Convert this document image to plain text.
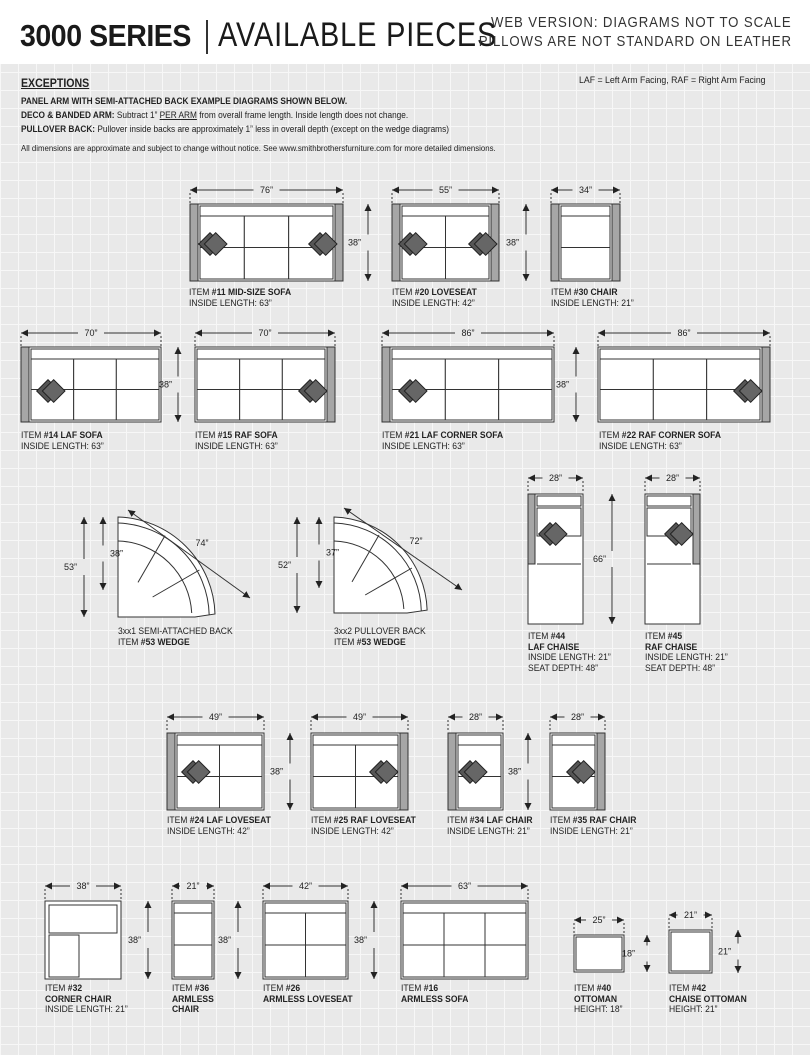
3000 SERIES AVAILABLE PIECES
WEB VERSION: DIAGRAMS NOT TO SCALE
PILLOWS ARE NOT STANDARD ON LEATHER
LAF = Left Arm Facing, RAF = Right Arm Facing
EXCEPTIONS
PANEL ARM WITH SEMI-ATTACHED BACK EXAMPLE DIAGRAMS SHOWN BELOW.
DECO & BANDED ARM: Subtract 1” PER ARM from overall frame length. Inside length does not change.
PULLOVER BACK: Pullover inside backs are approximately 1” less in overall depth (except on the wedge diagrams)
All dimensions are approximate and subject to change without notice. See www.smithbrothersfurniture.com for more detailed dimensions.
76”
38”
55”
38”
34”
70”
38”
70”	86”
38”
86”
53”
38”
74”
52”
37”
72”
28”
66”
28”
49”
38”
49”	28”
38”
28”
38”
38”
21”
38”
42”
38”
63”
25”
18”
21”
21”
ITEM #11 MID-SIZE SOFA
INSIDE LENGTH: 63”
ITEM #20 LOVESEAT
INSIDE LENGTH: 42”
ITEM #30 CHAIR
INSIDE LENGTH: 21”
ITEM #14 LAF SOFA
INSIDE LENGTH: 63”
ITEM #15 RAF SOFA
INSIDE LENGTH: 63”
ITEM #21 LAF CORNER SOFA
INSIDE LENGTH: 63”
ITEM #22 RAF CORNER SOFA
INSIDE LENGTH: 63”
3xx1 SEMI-ATTACHED BACK
ITEM #53 WEDGE
3xx2 PULLOVER BACK
ITEM #53 WEDGE	ITEM #44
LAF CHAISE
INSIDE LENGTH: 21”
SEAT DEPTH: 48”
ITEM #45
RAF CHAISE
INSIDE LENGTH: 21”
SEAT DEPTH: 48”
ITEM #24 LAF LOVESEAT
INSIDE LENGTH: 42”
ITEM #25 RAF LOVESEAT
INSIDE LENGTH: 42”
ITEM #34 LAF CHAIR
INSIDE LENGTH: 21”
ITEM #35 RAF CHAIR
INSIDE LENGTH: 21”
ITEM #32
CORNER CHAIR
INSIDE LENGTH: 21”
ITEM #36
ARMLESS
CHAIR
ITEM #26
ARMLESS LOVESEAT
ITEM #16
ARMLESS SOFA
ITEM #40
OTTOMAN
HEIGHT: 18”
ITEM #42
CHAISE OTTOMAN
HEIGHT: 21”
